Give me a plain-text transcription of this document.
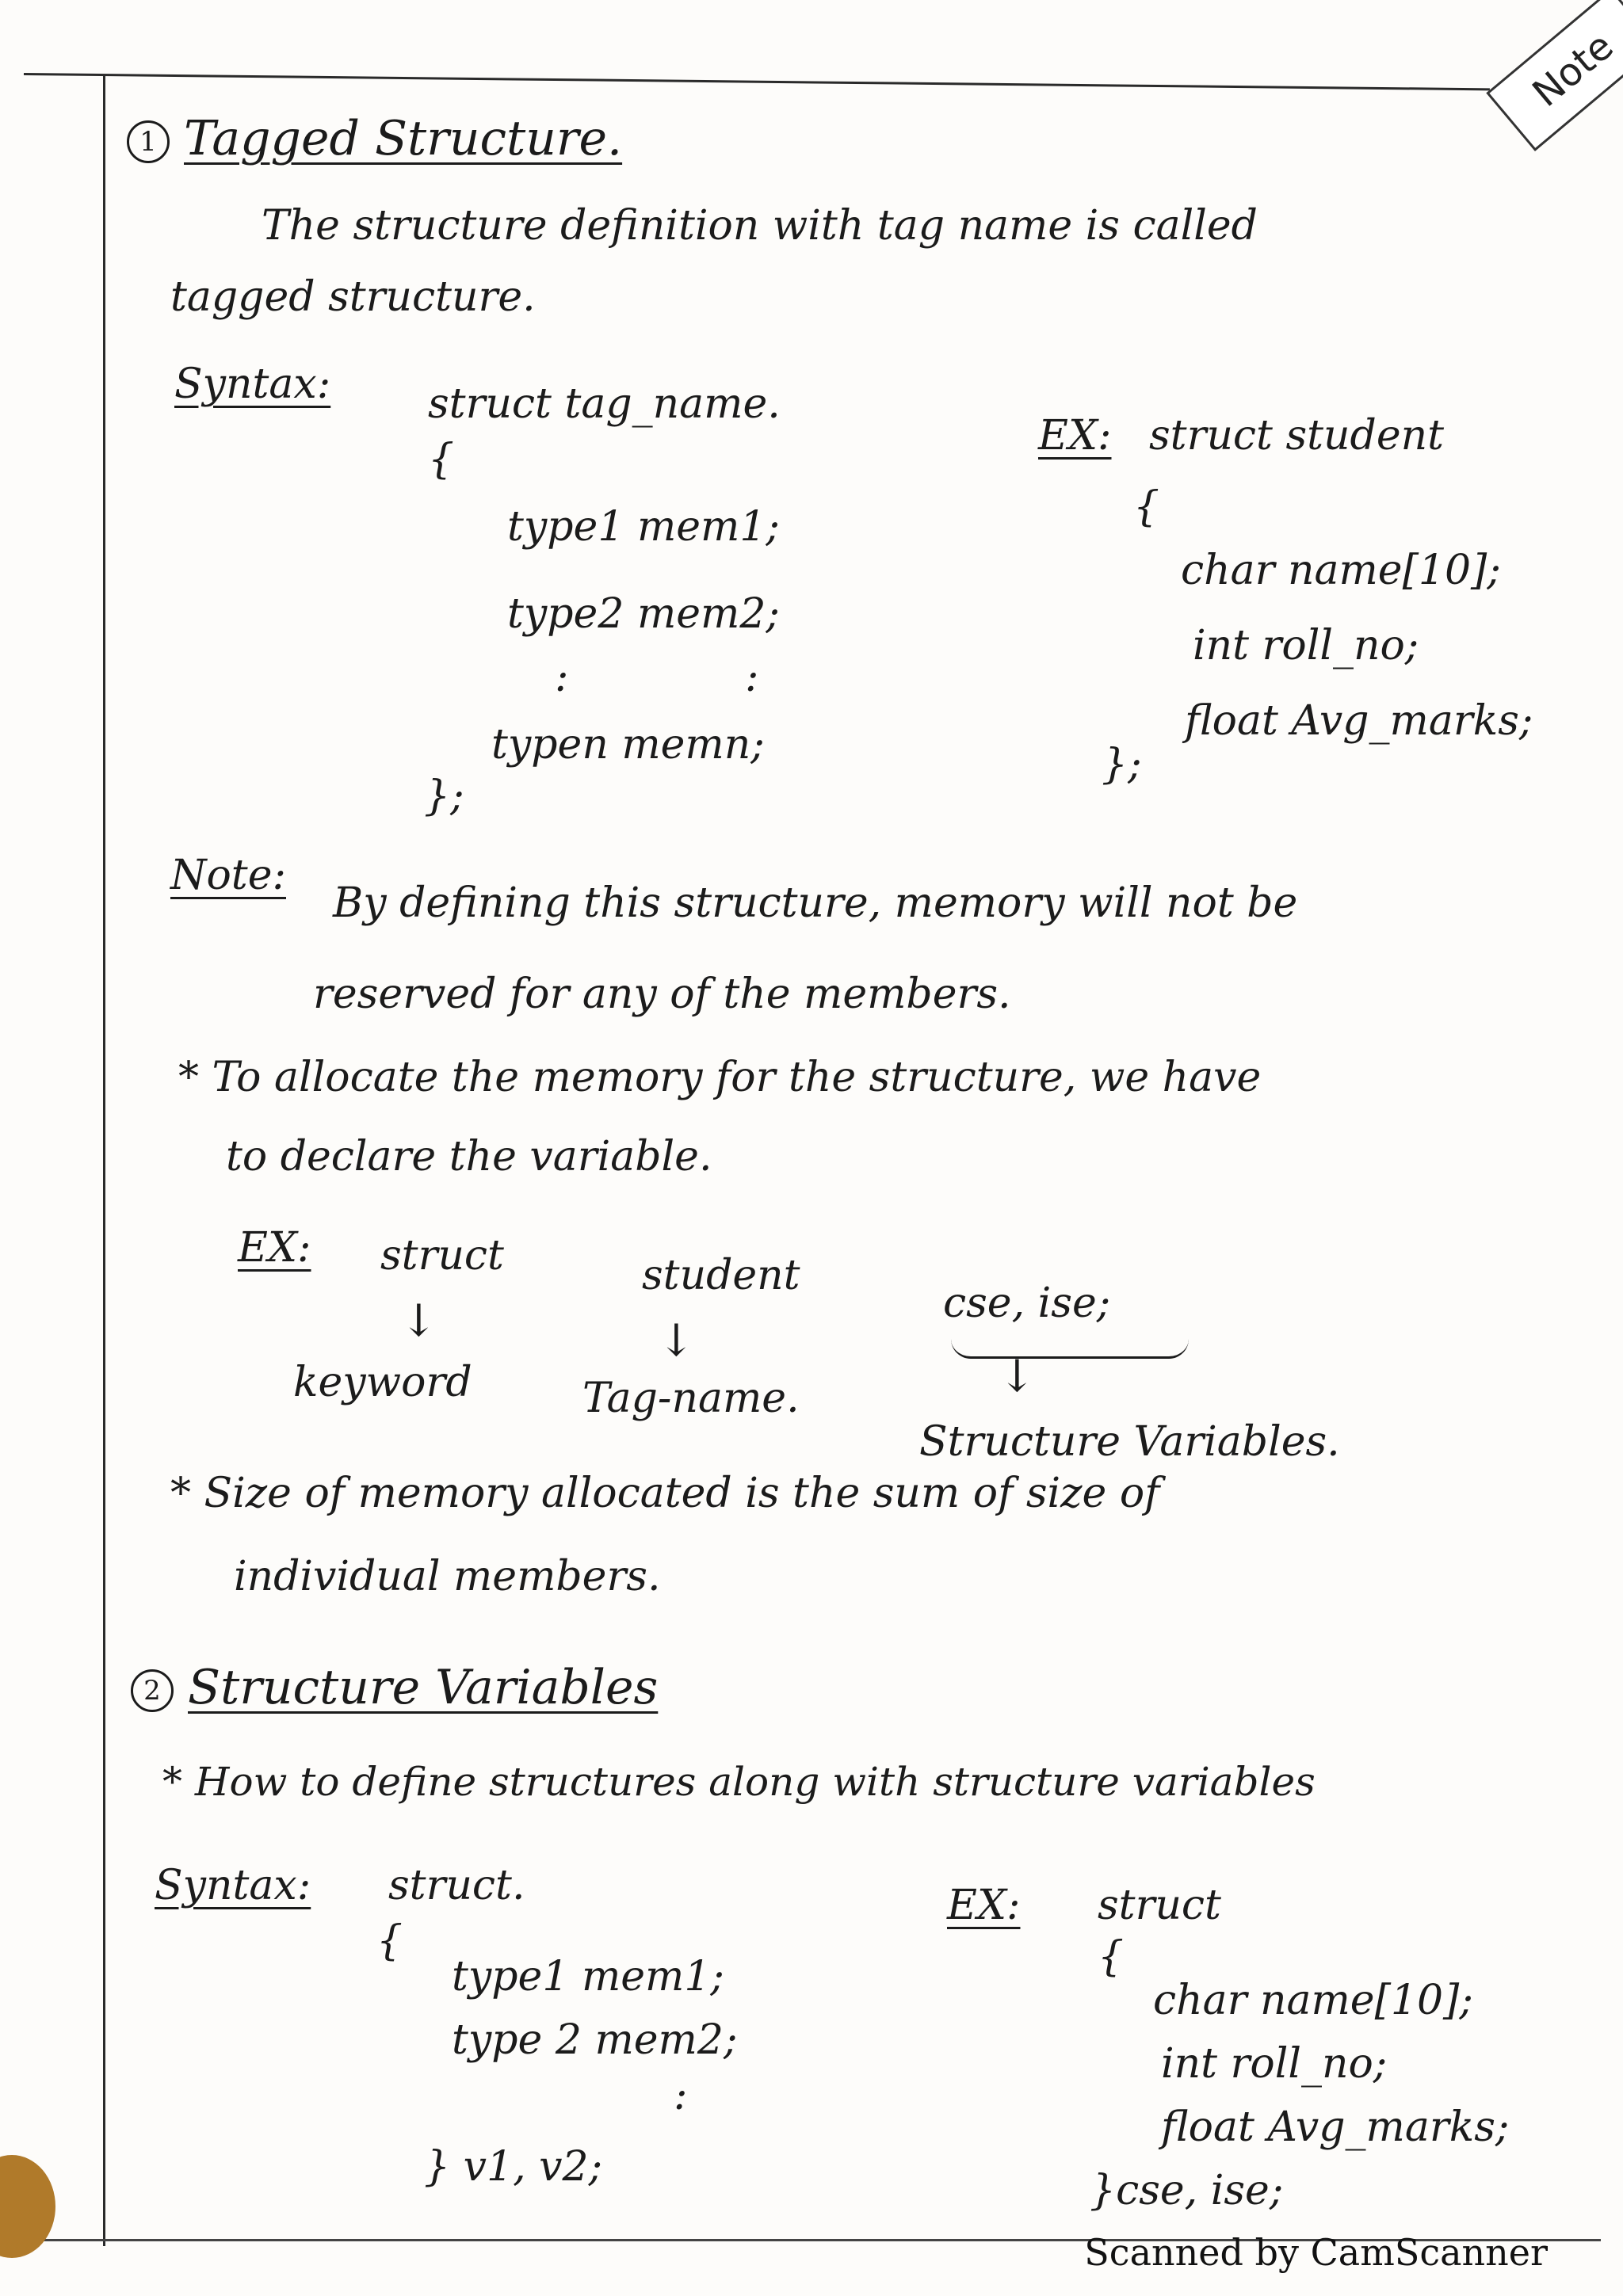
Note
1 Tagged Structure.
The structure definition with tag name is called
tagged structure.
Syntax: struct tag_name.
{
type1 mem1;
type2 mem2;
:	:
typen memn;
};
EX: struct student
{
char name[10];
int roll_no;
float Avg_marks;
};
Note:
By defining this structure, memory will not be
reserved for any of the members.
* To allocate the memory for the structure, we have
to declare the variable.
EX: struct	student
cse, ise;
↓	↓
↓
keyword	Tag-name.
Structure Variables.
* Size of memory allocated is the sum of size of
individual members.
2 Structure Variables
* How to define structures along with structure variables
Syntax: struct.
{
type1 mem1;
type 2 mem2;
:
} v1, v2;
EX: struct
{
char name[10];
int roll_no;
float Avg_marks;
}cse, ise;
Scanned by CamScanner
